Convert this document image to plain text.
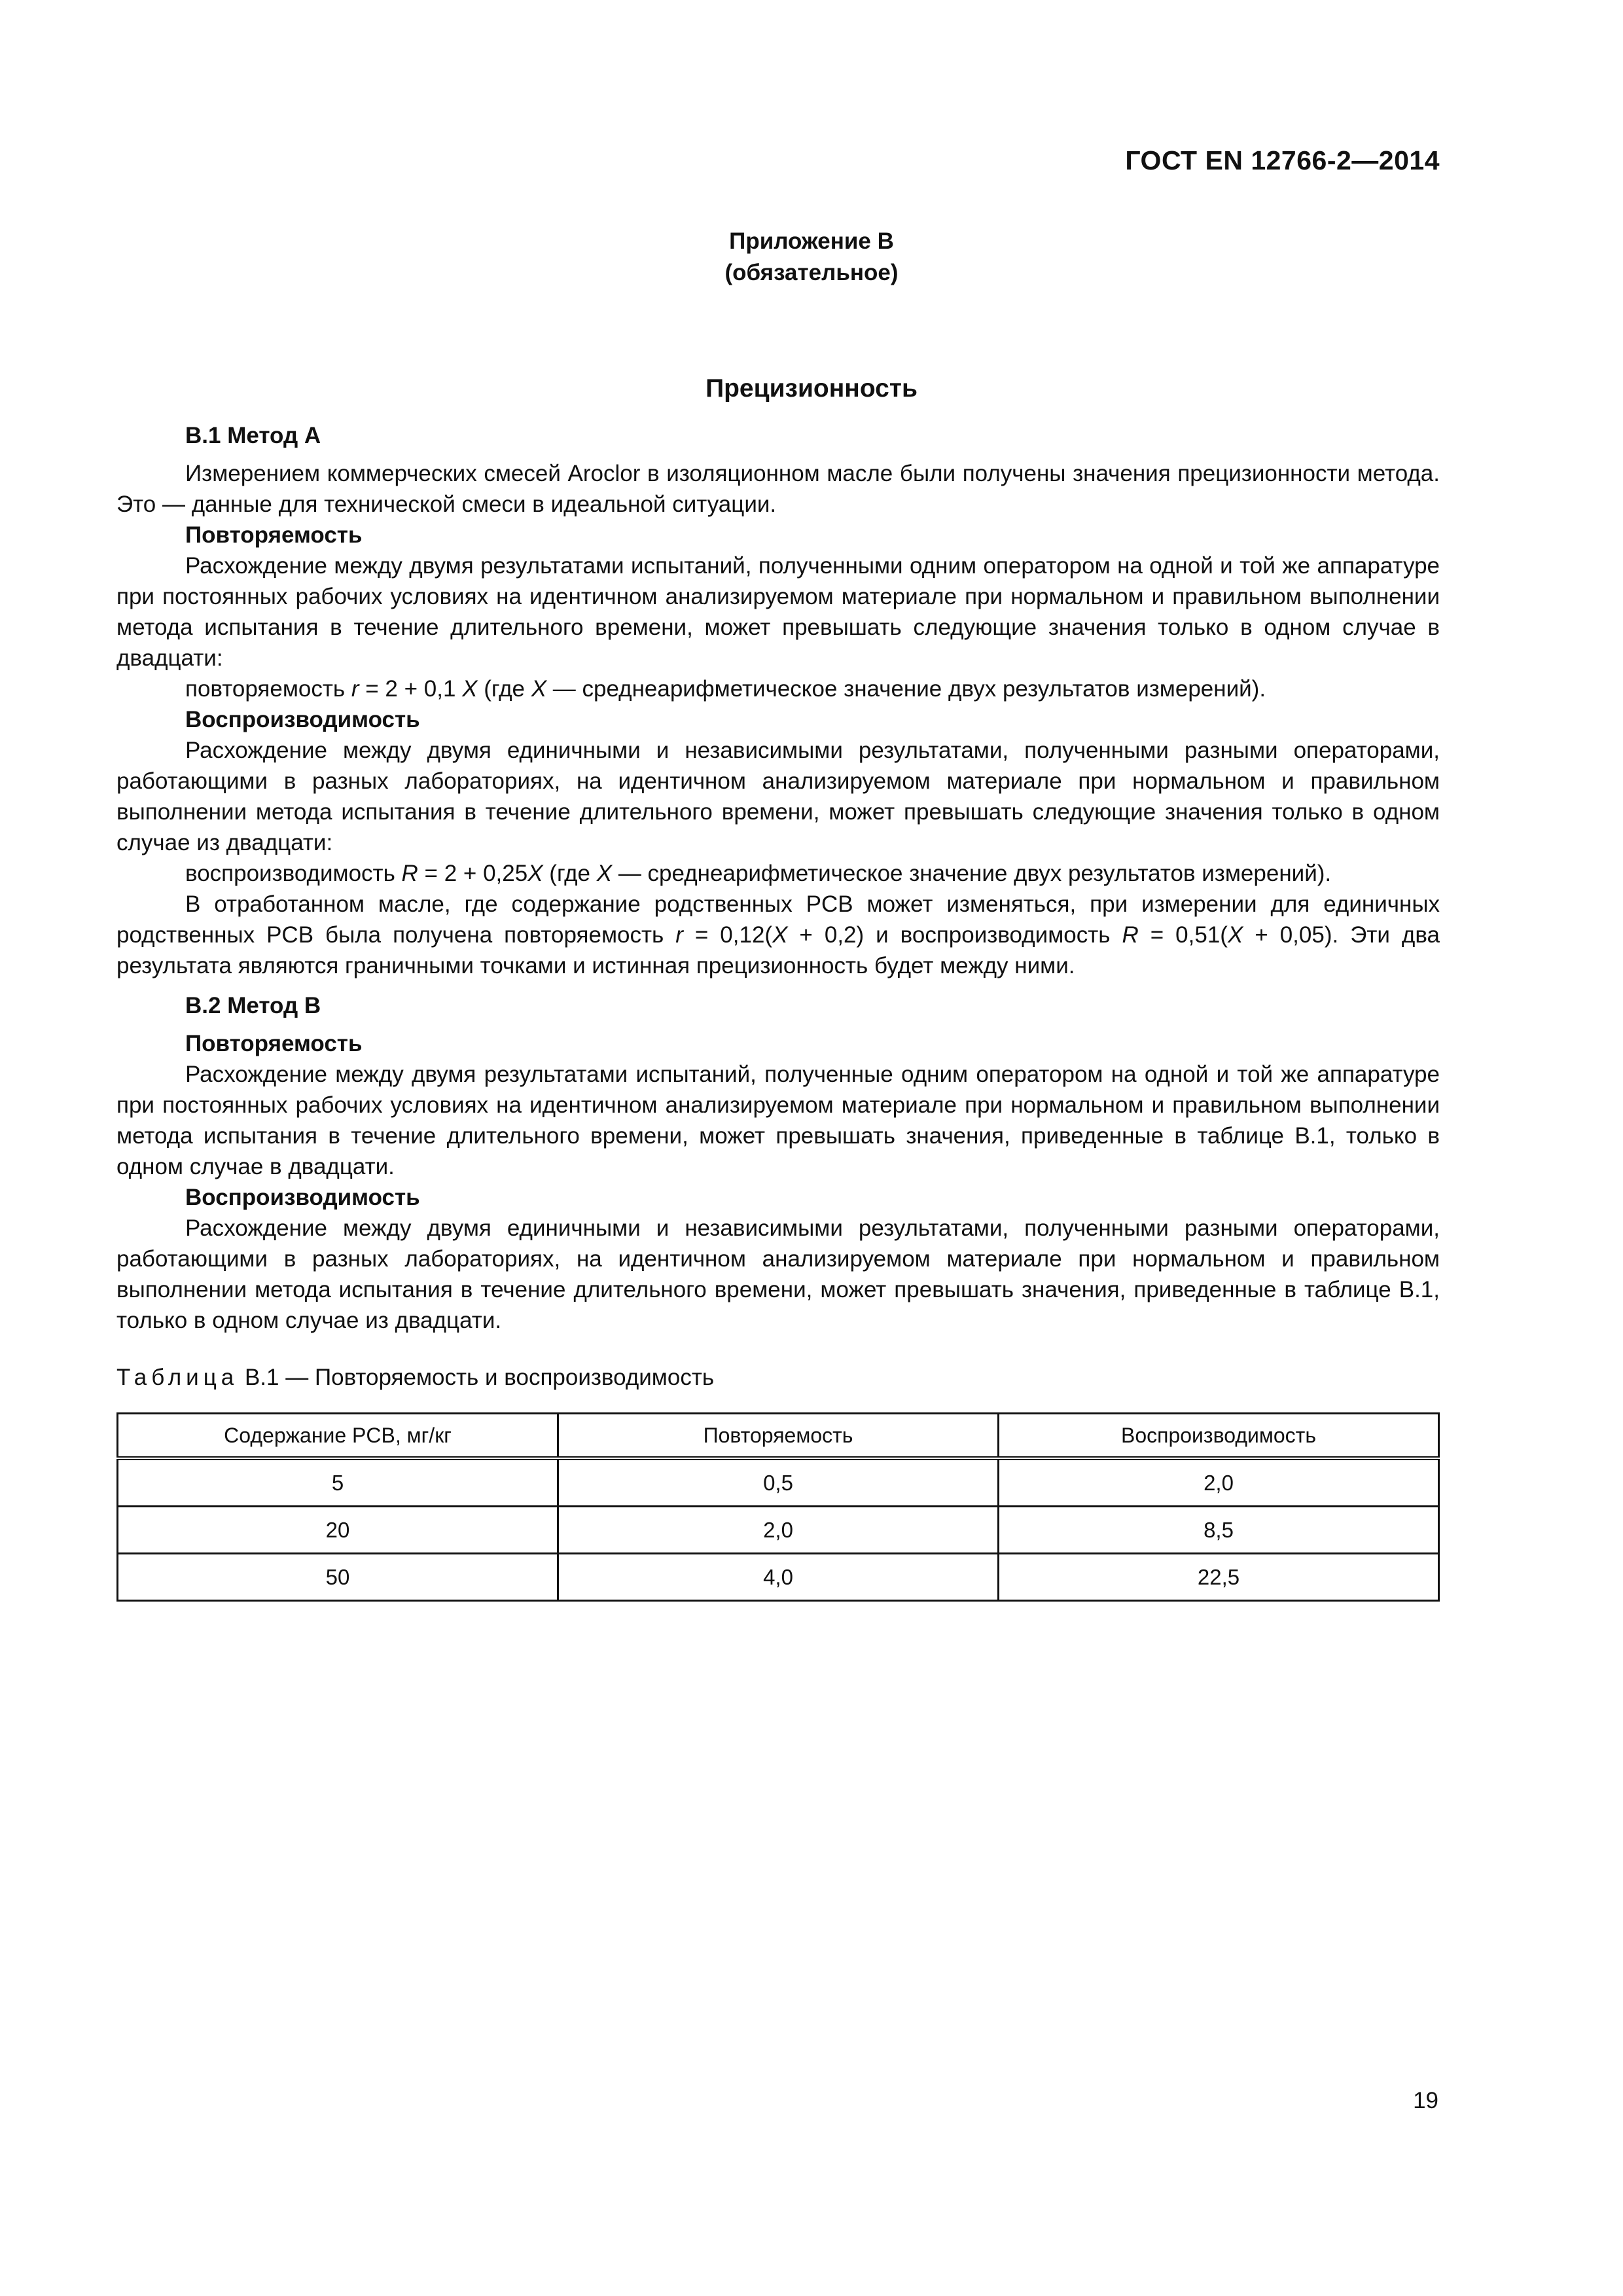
ГОСТ EN 12766-2—2014
Приложение В
(обязательное)
Прецизионность

В.1 Метод А

Измерением коммерческих смесей Aroclor в изоляционном масле были получены значения прецизионности метода. Это — данные для технической смеси в идеальной ситуации.

Повторяемость

Расхождение между двумя результатами испытаний, полученными одним оператором на одной и той же аппаратуре при постоянных рабочих условиях на идентичном анализируемом материале при нормальном и правильном выполнении метода испытания в течение длительного времени, может превышать следующие значения только в одном случае в двадцати:

повторяемость r = 2 + 0,1 X (где X — среднеарифметическое значение двух результатов измерений).

Воспроизводимость

Расхождение между двумя единичными и независимыми результатами, полученными разными операторами, работающими в разных лабораториях, на идентичном анализируемом материале при нормальном и правильном выполнении метода испытания в течение длительного времени, может превышать следующие значения только в одном случае из двадцати:

воспроизводимость R = 2 + 0,25X (где X — среднеарифметическое значение двух результатов измерений).

В отработанном масле, где содержание родственных PCB может изменяться, при измерении для единичных родственных PCB была получена повторяемость r = 0,12(X + 0,2) и воспроизводимость R = 0,51(X + 0,05). Эти два результата являются граничными точками и истинная прецизионность будет между ними.

В.2 Метод В

Повторяемость

Расхождение между двумя результатами испытаний, полученные одним оператором на одной и той же аппаратуре при постоянных рабочих условиях на идентичном анализируемом материале при нормальном и правильном выполнении метода испытания в течение длительного времени, может превышать значения, приведенные в таблице В.1, только в одном случае в двадцати.

Воспроизводимость

Расхождение между двумя единичными и независимыми результатами, полученными разными операторами, работающими в разных лабораториях, на идентичном анализируемом материале при нормальном и правильном выполнении метода испытания в течение длительного времени, может превышать значения, приведенные в таблице В.1, только в одном случае из двадцати.

Таблица В.1 — Повторяемость и воспроизводимость

Содержание PCB, мг/кг	Повторяемость	Воспроизводимость
5	0,5	2,0
20	2,0	8,5
50	4,0	22,5
19
